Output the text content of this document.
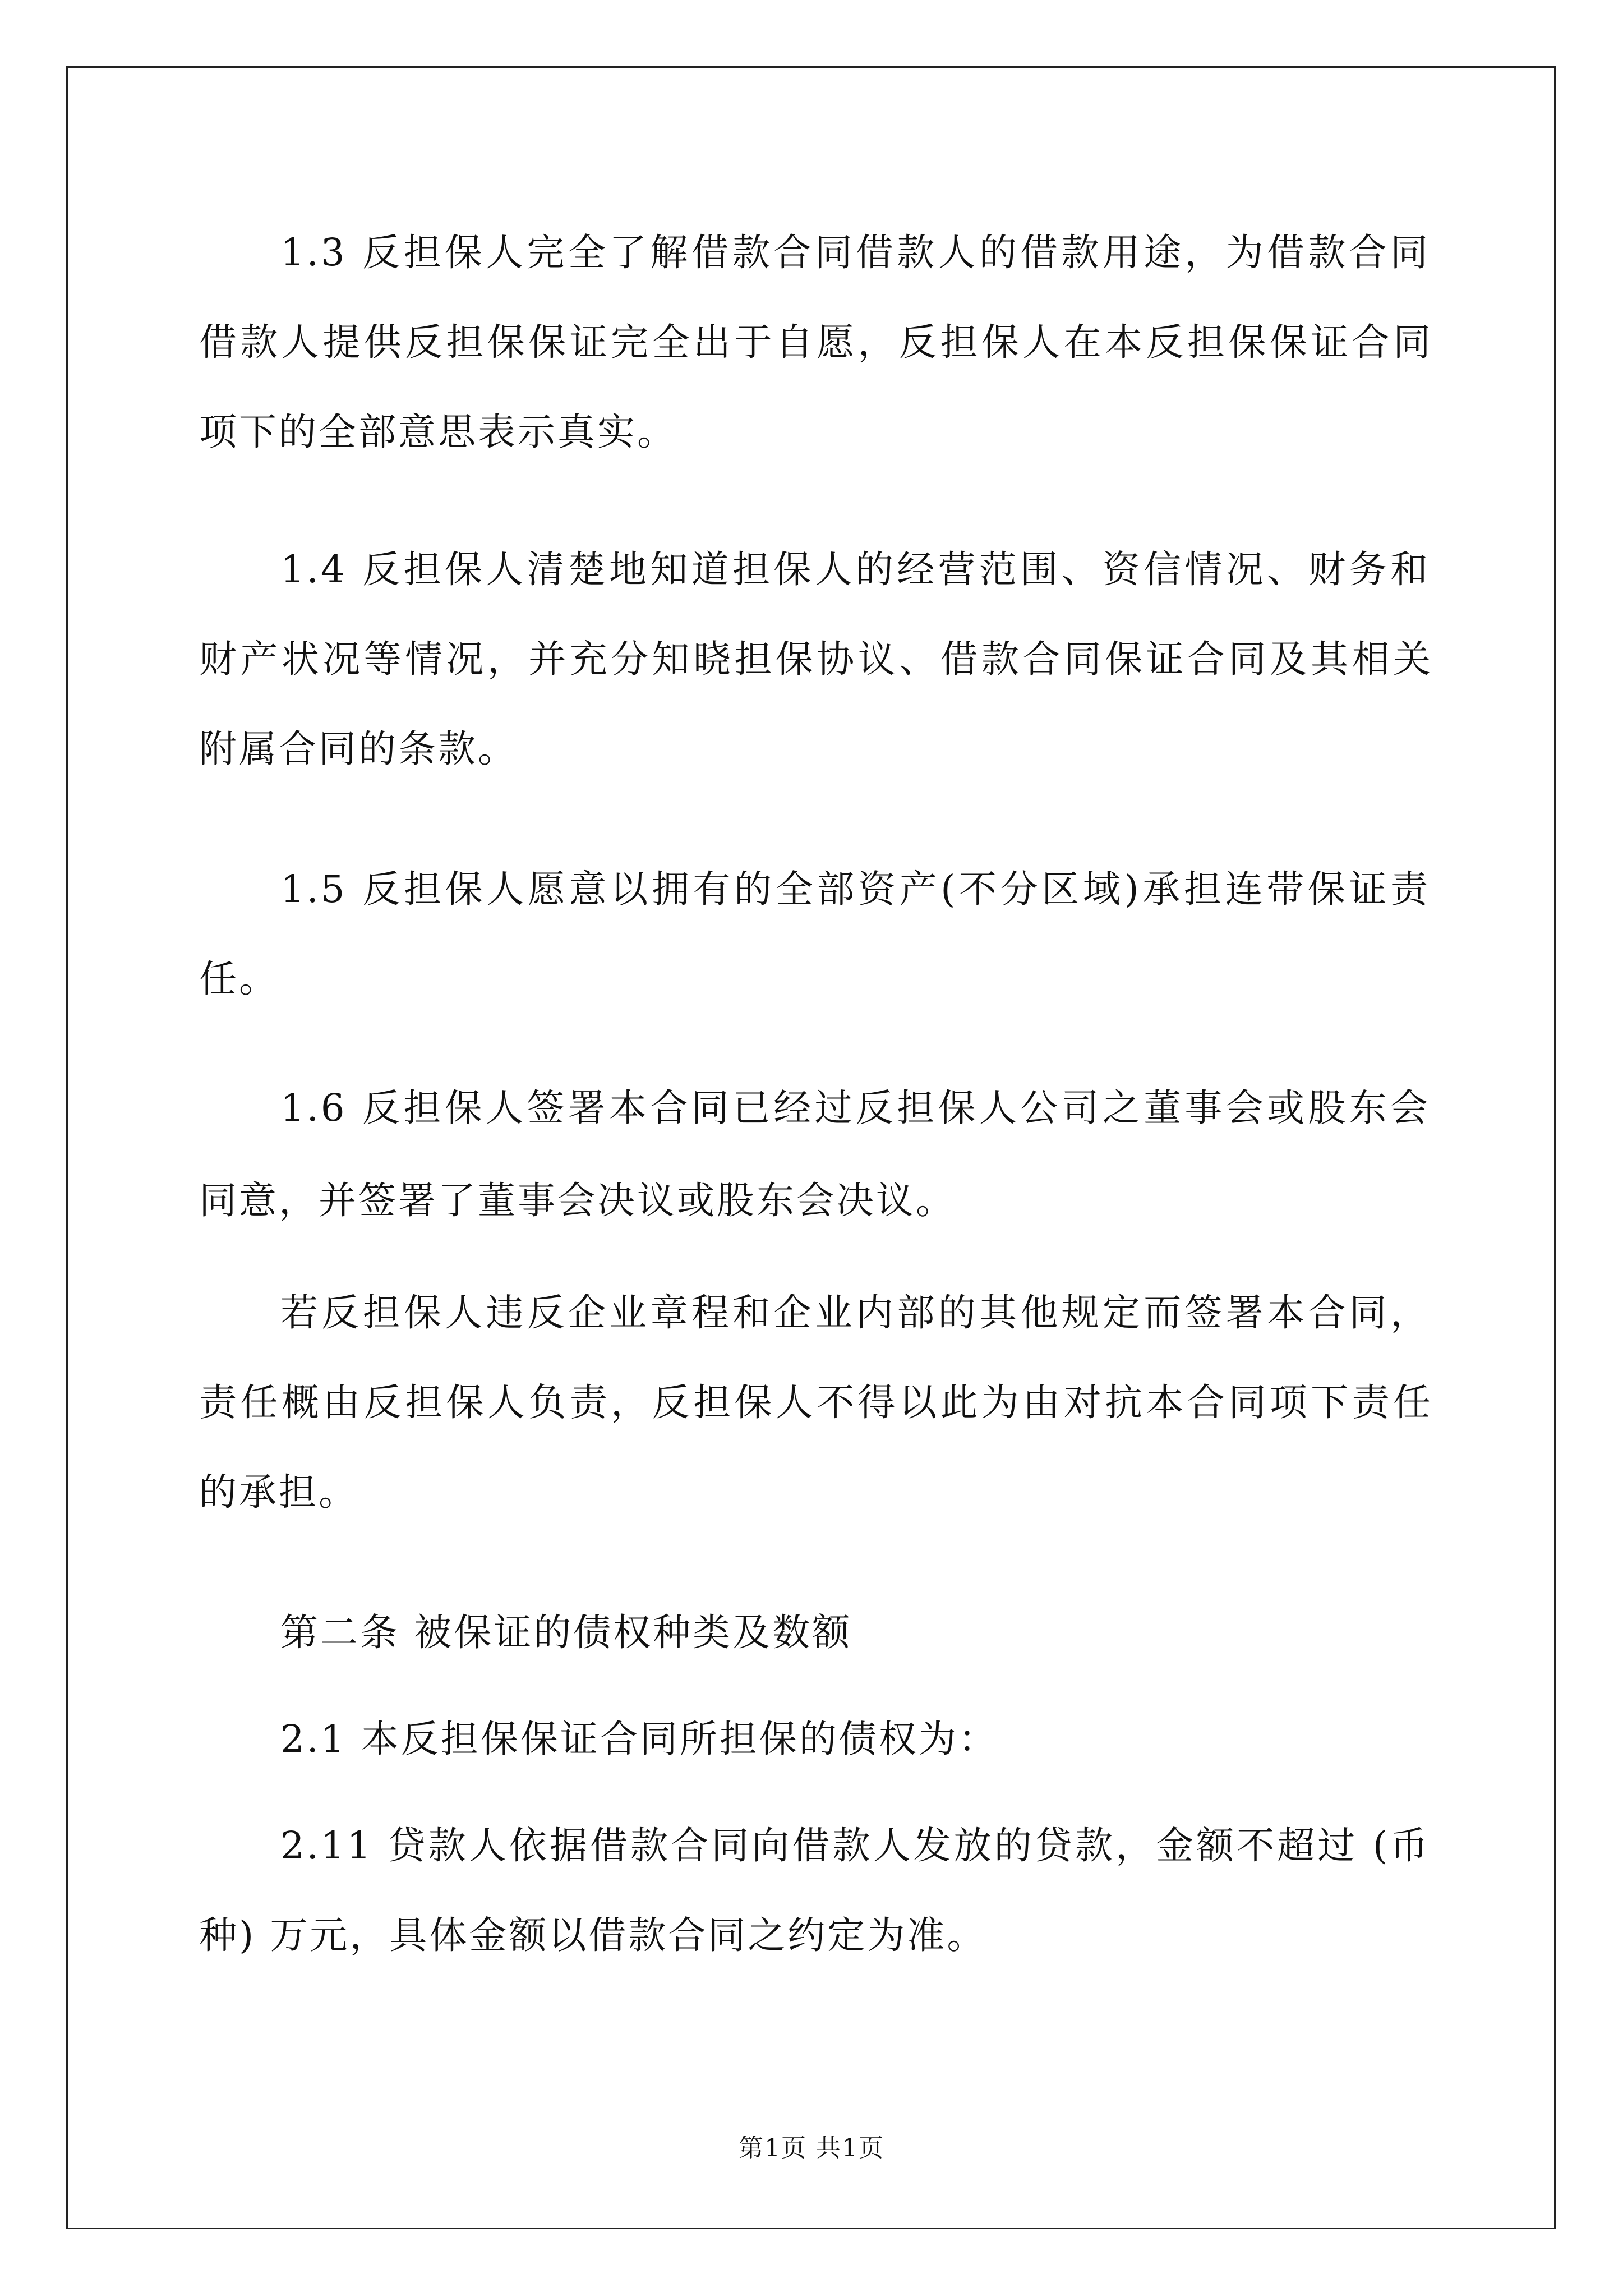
1.3 反担保人完全了解借款合同借款人的借款用途，为借款合同
借款人提供反担保保证完全出于自愿，反担保人在本反担保保证合同
项下的全部意思表示真实。
1.4 反担保人清楚地知道担保人的经营范围、资信情况、财务和
财产状况等情况，并充分知晓担保协议、借款合同保证合同及其相关
附属合同的条款。
1.5 反担保人愿意以拥有的全部资产(不分区域)承担连带保证责
任。
1.6 反担保人签署本合同已经过反担保人公司之董事会或股东会
同意，并签署了董事会决议或股东会决议。
若反担保人违反企业章程和企业内部的其他规定而签署本合同，
责任概由反担保人负责，反担保人不得以此为由对抗本合同项下责任
的承担。
第二条 被保证的债权种类及数额
2.1 本反担保保证合同所担保的债权为：
2.11 贷款人依据借款合同向借款人发放的贷款，金额不超过 (币
种) 万元，具体金额以借款合同之约定为准。
第1页 共1页
